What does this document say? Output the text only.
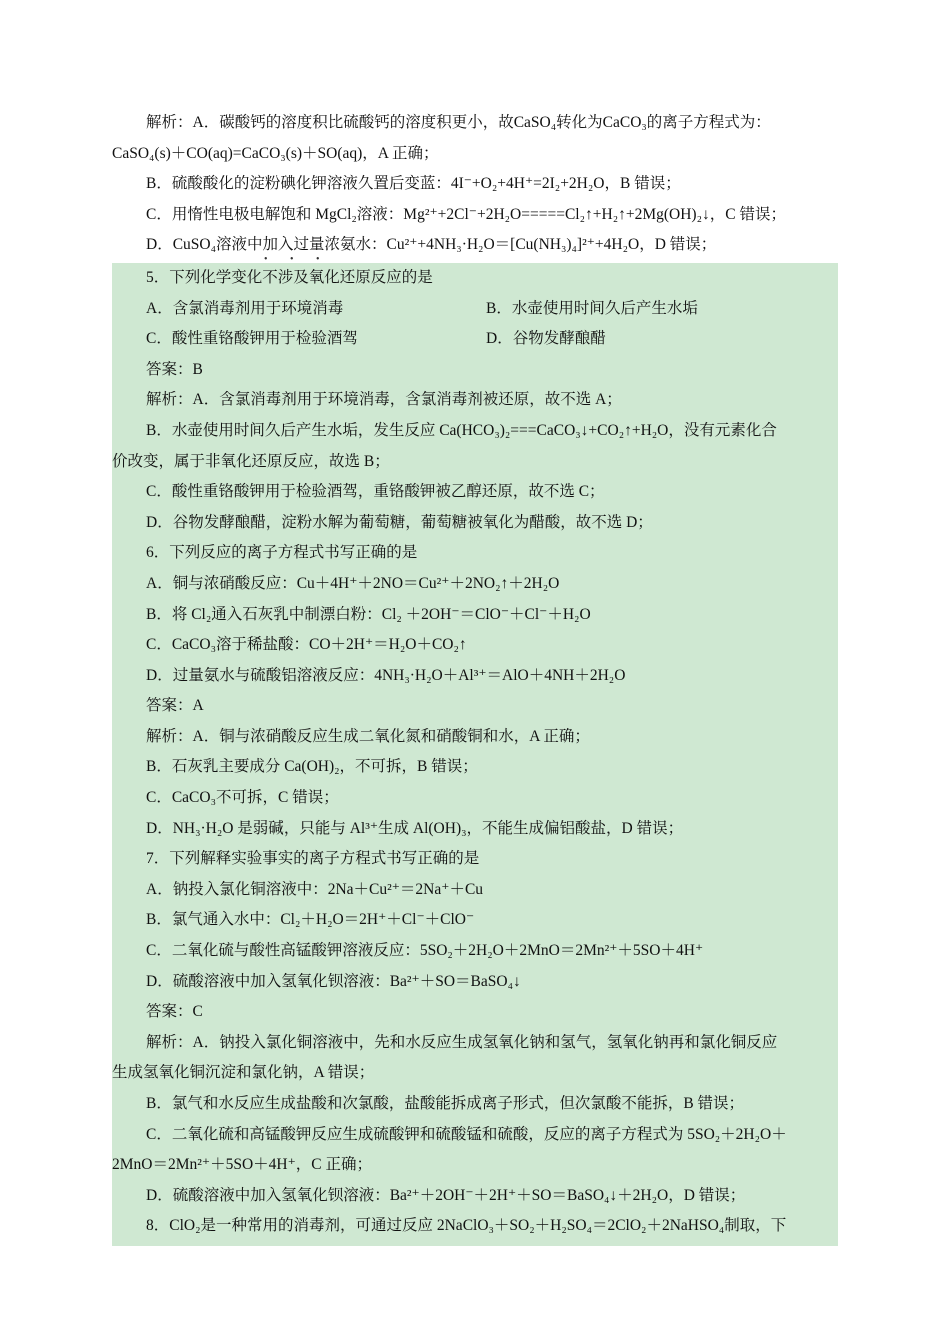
解析：A．碳酸钙的溶度积比硫酸钙的溶度积更小，故CaSO₄转化为CaCO₃的离子方程式为：
CaSO₄(s)＋CO(aq)=CaCO₃(s)＋SO(aq)，A 正确；
B．硫酸酸化的淀粉碘化钾溶液久置后变蓝：4I⁻+O₂+4H⁺=2I₂+2H₂O，B 错误；
C．用惰性电极电解饱和 MgCl₂溶液：Mg²⁺+2Cl⁻+2H₂O=====Cl₂↑+H₂↑+2Mg(OH)₂↓，C 错误；
D．CuSO₄溶液中加入过量浓氨水：Cu²⁺+4NH₃·H₂O＝[Cu(NH₃)₄]²⁺+4H₂O，D 错误；
• • •
5．下列化学变化不涉及氧化还原反应的是
A．含氯消毒剂用于环境消毒	B．水壶使用时间久后产生水垢
C．酸性重铬酸钾用于检验酒驾	D．谷物发酵酿醋
答案：B
解析：A．含氯消毒剂用于环境消毒，含氯消毒剂被还原，故不选 A；
B．水壶使用时间久后产生水垢，发生反应 Ca(HCO₃)₂===CaCO₃↓+CO₂↑+H₂O，没有元素化合
价改变，属于非氧化还原反应，故选 B；
C．酸性重铬酸钾用于检验酒驾，重铬酸钾被乙醇还原，故不选 C；
D．谷物发酵酿醋，淀粉水解为葡萄糖，葡萄糖被氧化为醋酸，故不选 D；
6．下列反应的离子方程式书写正确的是
A．铜与浓硝酸反应：Cu＋4H⁺＋2NO＝Cu²⁺＋2NO₂↑＋2H₂O
B．将 Cl₂通入石灰乳中制漂白粉：Cl₂ ＋2OH⁻＝ClO⁻＋Cl⁻＋H₂O
C．CaCO₃溶于稀盐酸：CO＋2H⁺＝H₂O＋CO₂↑
D．过量氨水与硫酸铝溶液反应：4NH₃·H₂O＋Al³⁺＝AlO＋4NH＋2H₂O
答案：A
解析：A．铜与浓硝酸反应生成二氧化氮和硝酸铜和水，A 正确；
B．石灰乳主要成分 Ca(OH)₂，不可拆，B 错误；
C．CaCO₃不可拆，C 错误；
D．NH₃·H₂O 是弱碱，只能与 Al³⁺生成 Al(OH)₃，不能生成偏铝酸盐，D 错误；
7．下列解释实验事实的离子方程式书写正确的是
A．钠投入氯化铜溶液中：2Na＋Cu²⁺＝2Na⁺＋Cu
B．氯气通入水中：Cl₂＋H₂O＝2H⁺＋Cl⁻＋ClO⁻
C．二氧化硫与酸性高锰酸钾溶液反应：5SO₂＋2H₂O＋2MnO＝2Mn²⁺＋5SO＋4H⁺
D．硫酸溶液中加入氢氧化钡溶液：Ba²⁺＋SO＝BaSO₄↓
答案：C
解析：A．钠投入氯化铜溶液中，先和水反应生成氢氧化钠和氢气，氢氧化钠再和氯化铜反应
生成氢氧化铜沉淀和氯化钠，A 错误；
B．氯气和水反应生成盐酸和次氯酸，盐酸能拆成离子形式，但次氯酸不能拆，B 错误；
C．二氧化硫和高锰酸钾反应生成硫酸钾和硫酸锰和硫酸，反应的离子方程式为 5SO₂＋2H₂O＋
2MnO＝2Mn²⁺＋5SO＋4H⁺，C 正确；
D．硫酸溶液中加入氢氧化钡溶液：Ba²⁺＋2OH⁻＋2H⁺＋SO＝BaSO₄↓＋2H₂O，D 错误；
8．ClO₂是一种常用的消毒剂，可通过反应 2NaClO₃＋SO₂＋H₂SO₄＝2ClO₂＋2NaHSO₄制取，下
